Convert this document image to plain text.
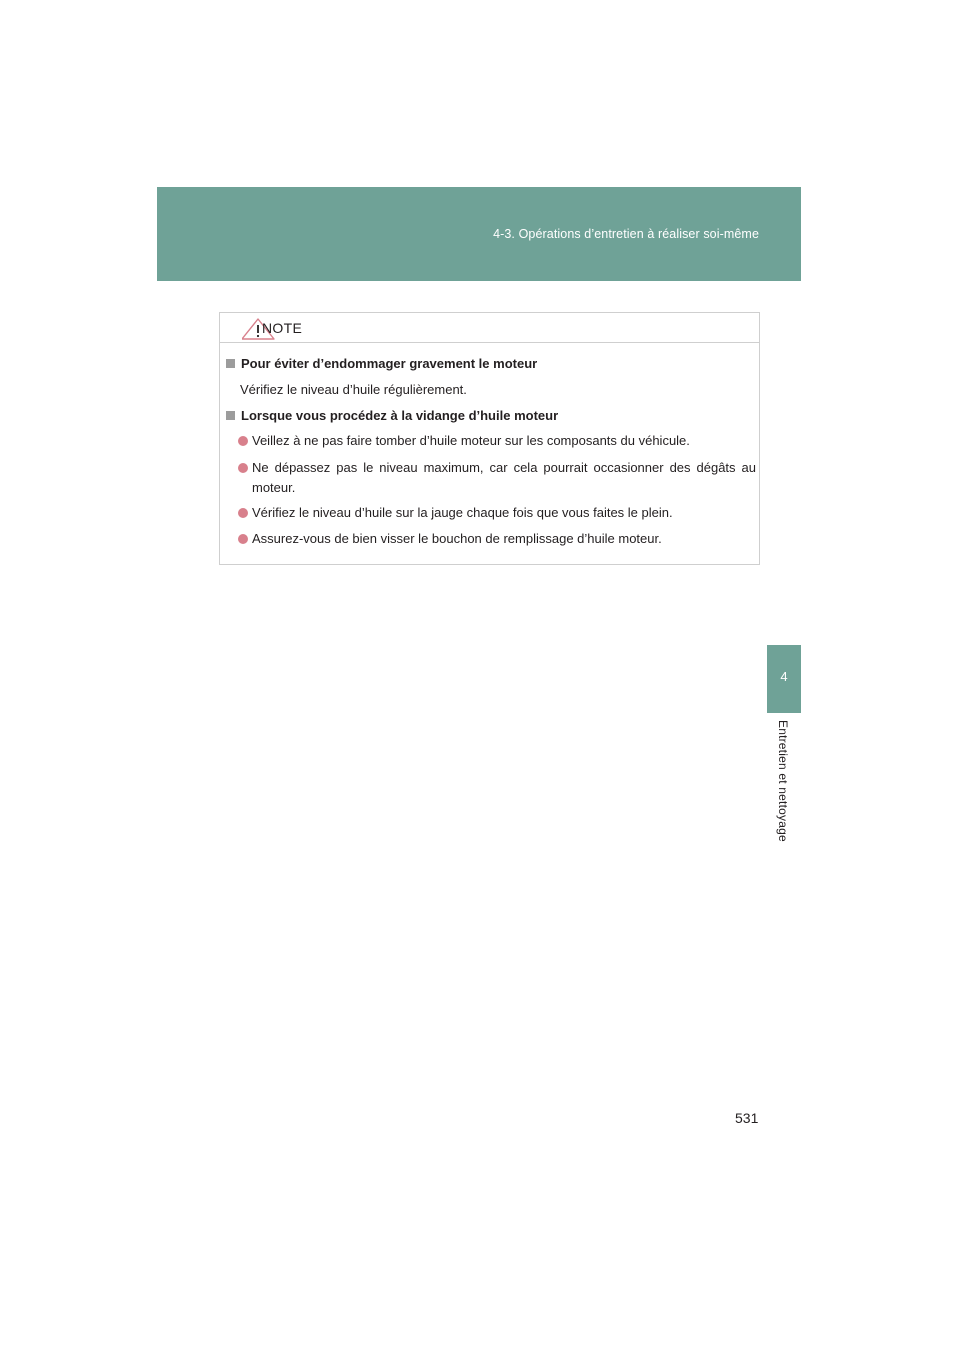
4-3. Opérations d’entretien à réaliser soi-même
4
Entretien et nettoyage
NOTE
Pour éviter d’endommager gravement le moteur
Vérifiez le niveau d’huile régulièrement.
Lorsque vous procédez à la vidange d’huile moteur
Veillez à ne pas faire tomber d’huile moteur sur les composants du véhicule.
Ne dépassez pas le niveau maximum, car cela pourrait occasionner des dégâts au moteur.
Vérifiez le niveau d’huile sur la jauge chaque fois que vous faites le plein.
Assurez-vous de bien visser le bouchon de remplissage d’huile moteur.
531
